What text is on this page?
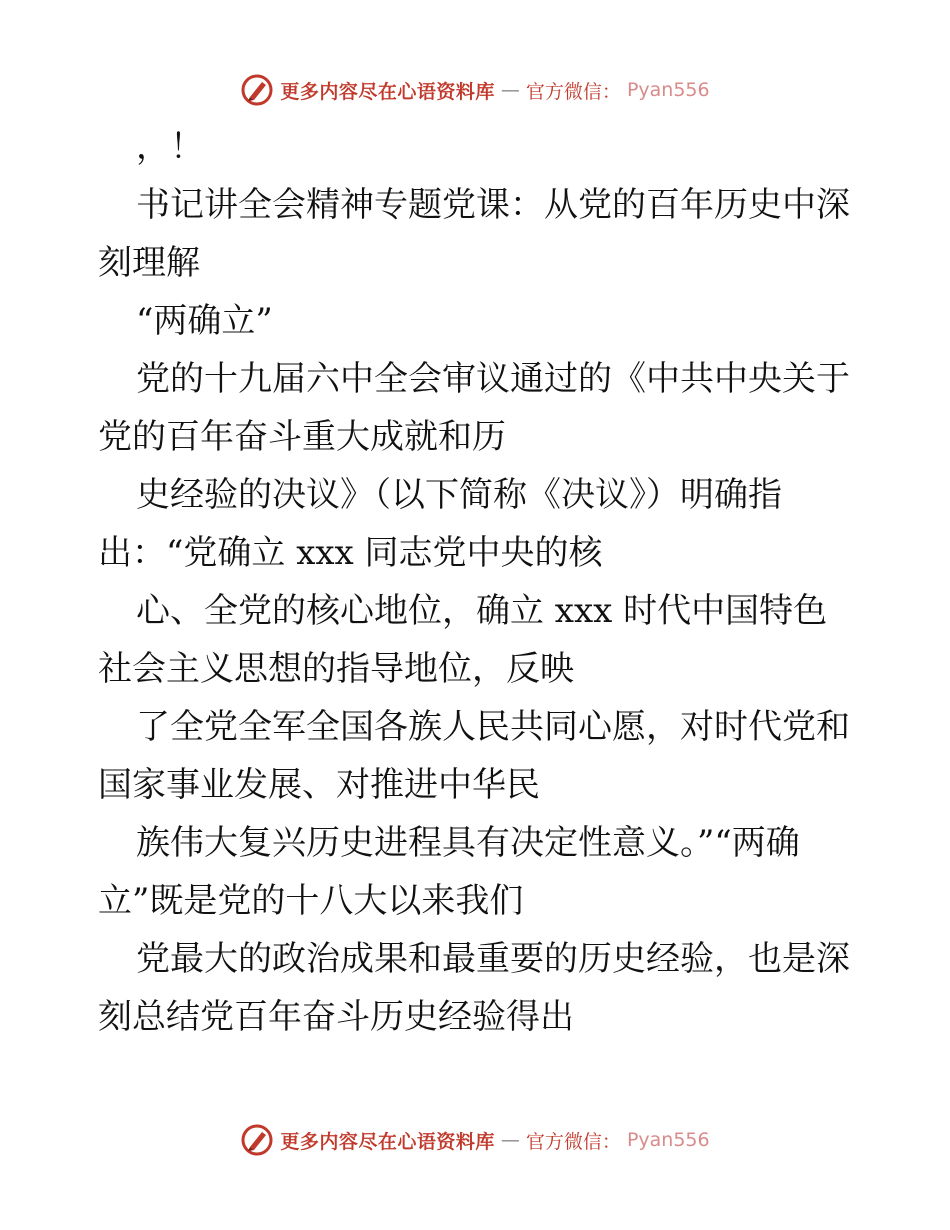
更多内容尽在心语资料库 — 官方微信： Pyan556
，！
书记讲全会精神专题党课：从党的百年历史中深
刻理解
“两确立”
党的十九届六中全会审议通过的《中共中央关于
党的百年奋斗重大成就和历
史经验的决议》（以下简称《决议》）明确指
出：“党确立 xxx 同志党中央的核
心、全党的核心地位，确立 xxx 时代中国特色
社会主义思想的指导地位，反映
了全党全军全国各族人民共同心愿，对时代党和
国家事业发展、对推进中华民
族伟大复兴历史进程具有决定性意义。”“两确
立”既是党的十八大以来我们
党最大的政治成果和最重要的历史经验，也是深
刻总结党百年奋斗历史经验得出
更多内容尽在心语资料库 — 官方微信： Pyan556
